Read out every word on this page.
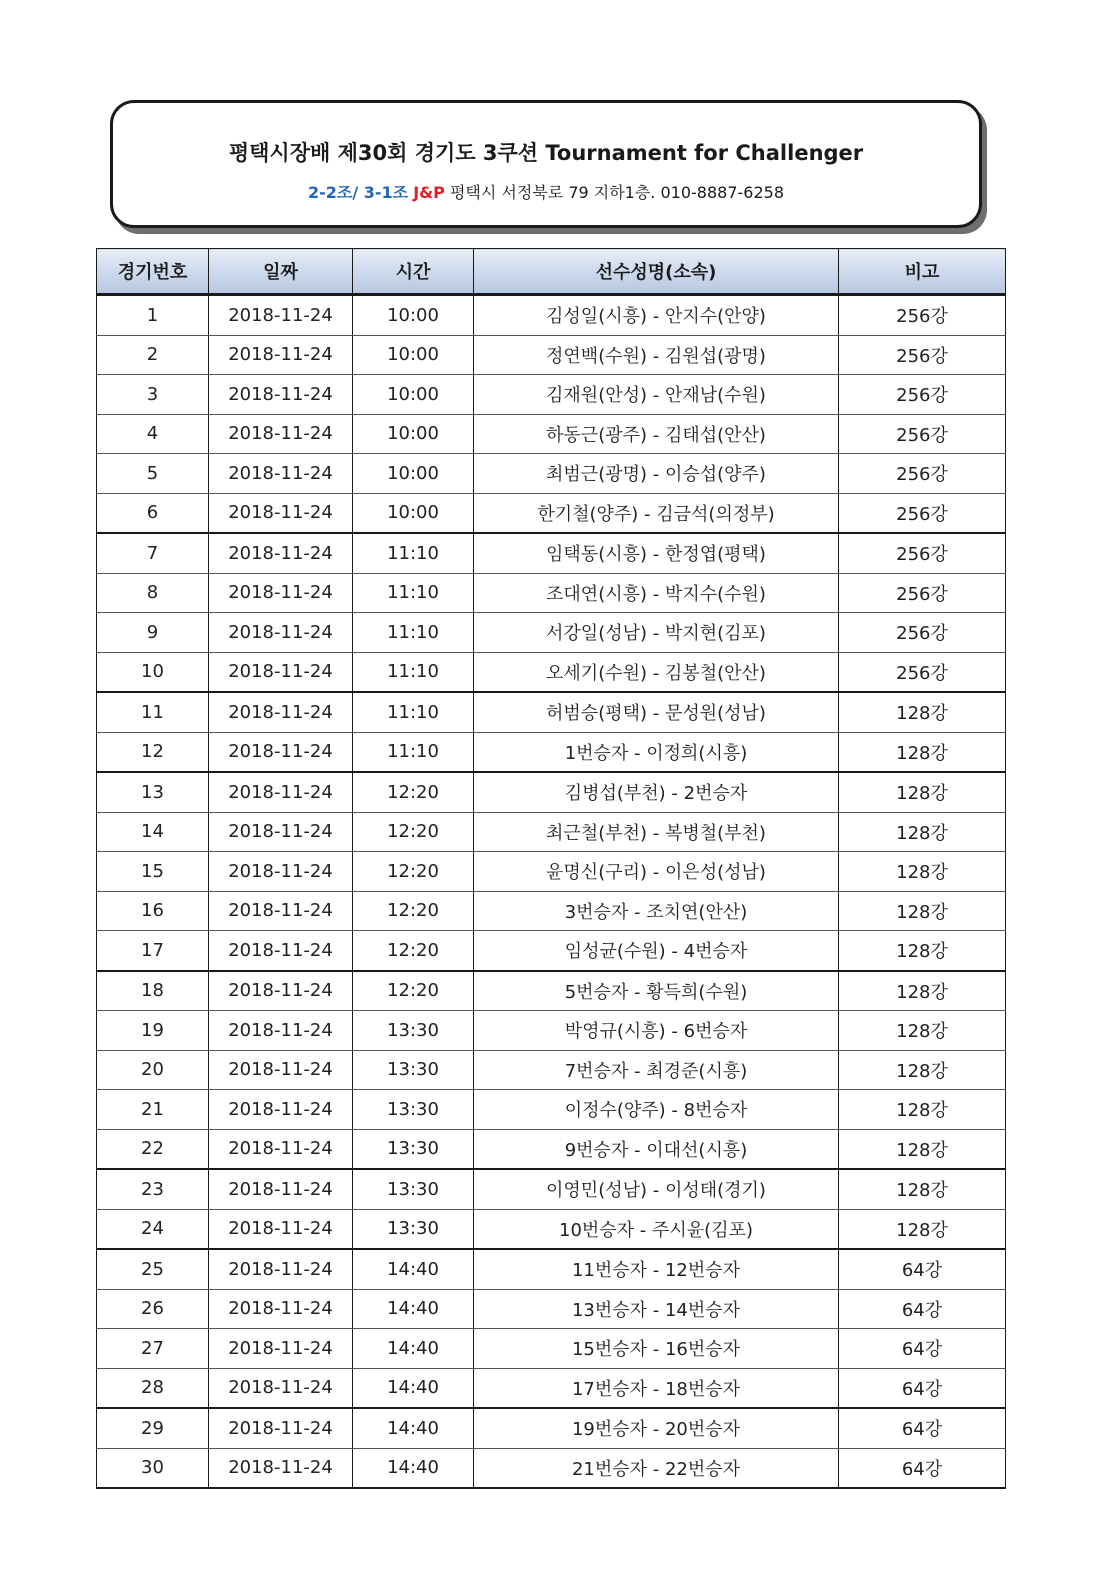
평택시장배 제30회 경기도 3쿠션 Tournament for Challenger
2-2조/ 3-1조 J&P 평택시 서정북로 79 지하1층. 010-8887-6258
경기번호	일짜	시간	선수성명(소속)	비고
1	2018-11-24	10:00	김성일(시흥) - 안지수(안양)	256강
2	2018-11-24	10:00	정연백(수원) - 김원섭(광명)	256강
3	2018-11-24	10:00	김재원(안성) - 안재남(수원)	256강
4	2018-11-24	10:00	하동근(광주) - 김태섭(안산)	256강
5	2018-11-24	10:00	최범근(광명) - 이승섭(양주)	256강
6	2018-11-24	10:00	한기철(양주) - 김금석(의정부)	256강
7	2018-11-24	11:10	임택동(시흥) - 한정엽(평택)	256강
8	2018-11-24	11:10	조대연(시흥) - 박지수(수원)	256강
9	2018-11-24	11:10	서강일(성남) - 박지현(김포)	256강
10	2018-11-24	11:10	오세기(수원) - 김봉철(안산)	256강
11	2018-11-24	11:10	허범승(평택) - 문성원(성남)	128강
12	2018-11-24	11:10	1번승자 - 이정희(시흥)	128강
13	2018-11-24	12:20	김병섭(부천) - 2번승자	128강
14	2018-11-24	12:20	최근철(부천) - 복병철(부천)	128강
15	2018-11-24	12:20	윤명신(구리) - 이은성(성남)	128강
16	2018-11-24	12:20	3번승자 - 조치연(안산)	128강
17	2018-11-24	12:20	임성균(수원) - 4번승자	128강
18	2018-11-24	12:20	5번승자 - 황득희(수원)	128강
19	2018-11-24	13:30	박영규(시흥) - 6번승자	128강
20	2018-11-24	13:30	7번승자 - 최경준(시흥)	128강
21	2018-11-24	13:30	이정수(양주) - 8번승자	128강
22	2018-11-24	13:30	9번승자 - 이대선(시흥)	128강
23	2018-11-24	13:30	이영민(성남) - 이성태(경기)	128강
24	2018-11-24	13:30	10번승자 - 주시윤(김포)	128강
25	2018-11-24	14:40	11번승자 - 12번승자	64강
26	2018-11-24	14:40	13번승자 - 14번승자	64강
27	2018-11-24	14:40	15번승자 - 16번승자	64강
28	2018-11-24	14:40	17번승자 - 18번승자	64강
29	2018-11-24	14:40	19번승자 - 20번승자	64강
30	2018-11-24	14:40	21번승자 - 22번승자	64강
